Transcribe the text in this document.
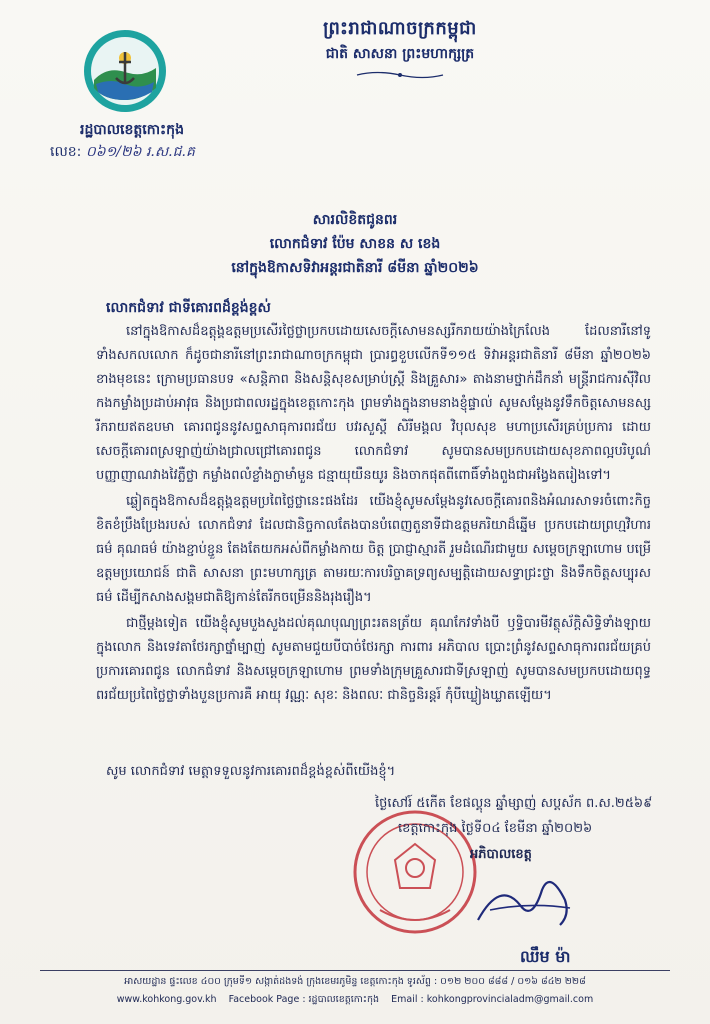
ព្រះរាជាណាចក្រកម្ពុជា
ជាតិ សាសនា ព្រះមហាក្សត្រ
រដ្ឋបាលខេត្តកោះកុង
លេខ: ០៦១/២៦ រ.ស.ជ.គ
សារលិខិតជូនពរ
លោកជំទាវ ប៉ែម សាខន ស ខេង
នៅក្នុងឱកាសទិវាអន្តរជាតិនារី ៨មីនា ឆ្នាំ២០២៦
លោកជំទាវ ជាទីគោរពដ៏ខ្ពង់ខ្ពស់

នៅក្នុងឱកាសដ៏ឧត្តុង្គឧត្តមប្រសើរថ្លៃថ្លាប្រកបដោយសេចក្តីសោមនស្សរីករាយយ៉ាងក្រៃលែង ដែលនារីនៅទូទាំងសកលលោក ក៏ដូចជានារីនៅព្រះរាជាណាចក្រកម្ពុជា ប្រារព្ធខួបលើកទី១១៥ ទិវាអន្តរជាតិនារី ៨មីនា ឆ្នាំ២០២៦ ខាងមុខនេះ ក្រោមប្រធានបទ «សន្តិភាព និងសន្តិសុខសម្រាប់ស្ត្រី និងគ្រួសារ» តាងនាមថ្នាក់ដឹកនាំ មន្ត្រីរាជការស៊ីវិល កងកម្លាំងប្រដាប់អាវុធ និងប្រជាពលរដ្ឋក្នុងខេត្តកោះកុង ព្រមទាំងក្នុងនាមនាងខ្ញុំផ្ទាល់ សូមសម្តែងនូវទឹកចិត្តសោមនស្សរីករាយឥតឧបមា គោរពជូននូវសព្ទសាធុការពរជ័យ បវរសួស្តី សិរីមង្គល វិបុលសុខ មហាប្រសើរគ្រប់ប្រការ ដោយសេចក្តីគោរពស្រឡាញ់យ៉ាងជ្រាលជ្រៅគោរពជូន លោកជំទាវ សូមបានសមប្រកបដោយសុខភាពល្អបរិបូណ៌ បញ្ញាញាណវាងវៃភ្លឺថ្លា កម្លាំងពលំខ្លាំងក្លាមាំមួន ជន្មាយុយឺនយូរ និងចាកផុតពីពោធិ៍ទាំងពួងជាអង្វែងតរៀងទៅ។

ឆ្លៀតក្នុងឱកាសដ៏ឧត្តុង្គឧត្តមប្រពៃថ្លៃថ្លានេះផងដែរ យើងខ្ញុំសូមសម្តែងនូវសេចក្តីគោរពនិងអំណរសាទរចំពោះកិច្ចខិតខំប្រឹងប្រែងរបស់ លោកជំទាវ ដែលជានិច្ចកាលតែងបានបំពេញតួនាទីជាឧត្តមភរិយាដ៏ឆ្នើម ប្រកបដោយព្រហ្មវិហារធម៌ គុណធម៌ យ៉ាងខ្ជាប់ខ្ជួន តែងតែយកអស់ពីកម្លាំងកាយ ចិត្ត ប្រាជ្ញាស្មារតី រួមដំណើរជាមួយ សម្តេចក្រឡាហោម បម្រើឧត្តមប្រយោជន៍ ជាតិ សាសនា ព្រះមហាក្សត្រ តាមរយៈការបរិច្ចាគទ្រព្យសម្បត្តិដោយសទ្ធាជ្រះថ្លា និងទឹកចិត្តសប្បុរសធម៌ ដើម្បីកសាងសង្គមជាតិឱ្យកាន់តែរីកចម្រើននិងរុងរឿង។

ជាថ្មីម្តងទៀត យើងខ្ញុំសូមបួងសួងដល់គុណបុណ្យព្រះរតនត្រ័យ គុណកែវទាំងបី ឫទ្ធិបារមីវត្ថុស័ក្តិសិទ្ធិទាំងឡាយក្នុងលោក និងទេវតាថែរក្សាថ្នាំម្បាញ់ សូមតាមជួយបីបាច់ថែរក្សា ការពារ អភិបាល ប្រោះព្រំនូវសព្ទសាធុការពរជ័យគ្រប់ប្រការគោរពជូន លោកជំទាវ និងសម្តេចក្រឡាហោម ព្រមទាំងក្រុមគ្រួសារជាទីស្រឡាញ់ សូមបានសមប្រកបដោយពុទ្ធពរជ័យប្រពៃថ្លៃថ្លាទាំងបួនប្រការគឺ អាយុ វណ្ណៈ សុខៈ និងពលៈ ជានិច្ចនិរន្តរ៍ កុំបីឃ្លៀងឃ្លាតឡើយ។

សូម លោកជំទាវ មេត្តាទទួលនូវការគោរពដ៏ខ្ពង់ខ្ពស់ពីយើងខ្ញុំ។
ថ្ងៃសៅរ៍ ៥កើត ខែផល្គុន ឆ្នាំម្សាញ់ សប្តស័ក ព.ស.២៥៦៩
ខេត្តកោះកុង ថ្ងៃទី០៤ ខែមីនា ឆ្នាំ២០២៦
អភិបាលខេត្ត
ឈឹម ម៉ា
អាសយដ្ឋាន ផ្ទះលេខ ៤០០ ក្រុមទី១ សង្កាត់ដងទង់ ក្រុងខេមរភូមិន្ទ ខេត្តកោះកុង ទូរស័ព្ទ : ០១២ ២០០ ៨៨៨ / ០១៦ ៨៤២ ២២៨
www.kohkong.gov.kh Facebook Page : រដ្ឋបាលខេត្តកោះកុង Email : kohkongprovincialadm@gmail.com
